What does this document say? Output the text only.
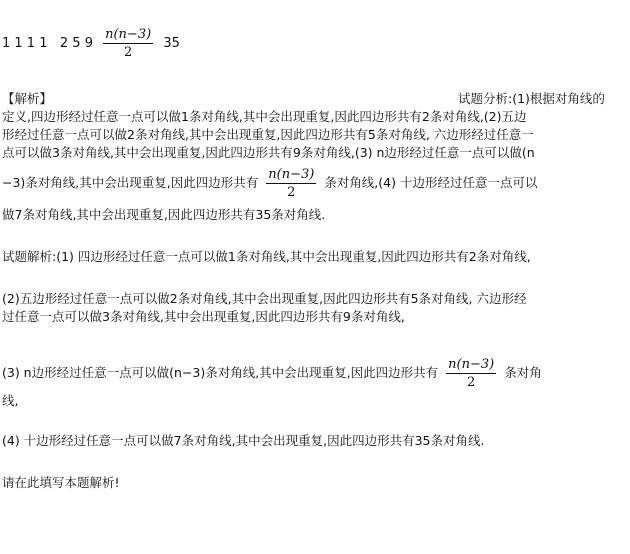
1 1 1 1 2 5 $9 \frac{n(n-3)}{2} 35$
【解析】	试题分析:(1)根据对角线的
定义,四边形经过任意一点可以做1条对角线,其中会出现重复,因此四边形共有2条对角线,(2)五边
形经过任意一点可以做2条对角线,其中会出现重复,因此四边形共有5条对角线, 六边形经过任意一
点可以做3条对角线,其中会出现重复,因此四边形共有9条对角线,(3) n边形经过任意一点可以做(n
−3)条对角线,其中会出现重复,因此四边形共有 $\frac{n(n-3)}{2}$ 条对角线,(4) 十边形经过任意一点可以
做7条对角线,其中会出现重复,因此四边形共有35条对角线.
试题解析:(1) 四边形经过任意一点可以做1条对角线,其中会出现重复,因此四边形共有2条对角线,
(2)五边形经过任意一点可以做2条对角线,其中会出现重复,因此四边形共有5条对角线, 六边形经
过任意一点可以做3条对角线,其中会出现重复,因此四边形共有9条对角线,
(3) n边形经过任意一点可以做(n−3)条对角线,其中会出现重复,因此四边形共有 $\frac{n(n-3)}{2}$ 条对角
线,
(4) 十边形经过任意一点可以做7条对角线,其中会出现重复,因此四边形共有35条对角线.
请在此填写本题解析!
